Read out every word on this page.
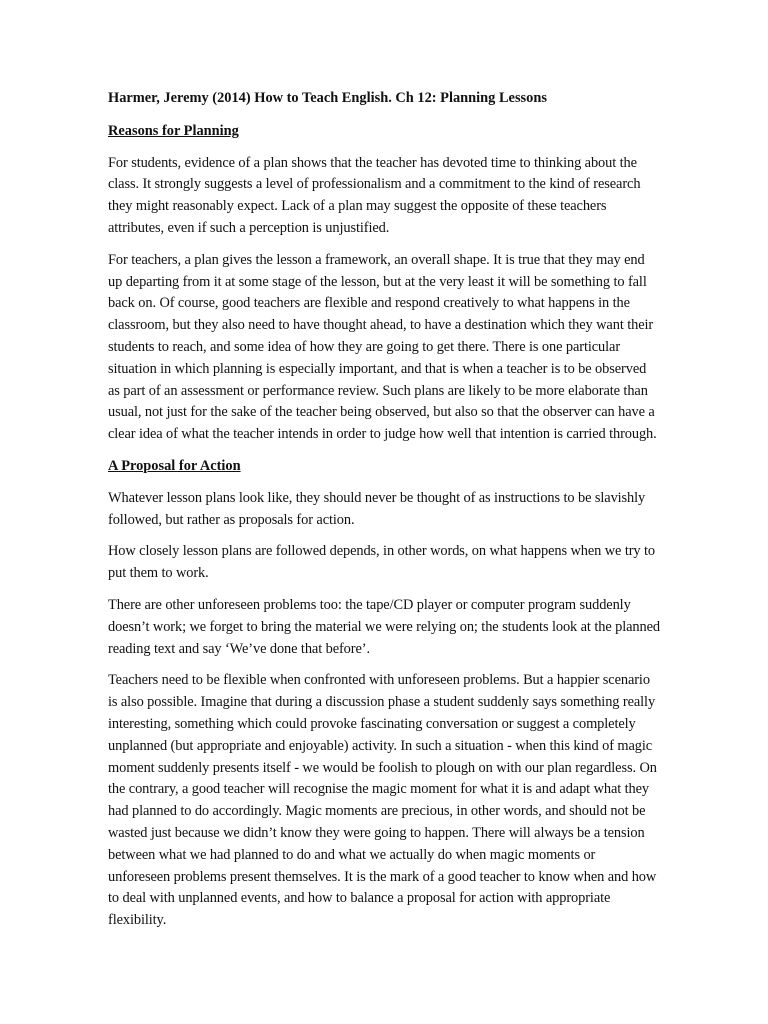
Harmer, Jeremy (2014) How to Teach English. Ch 12: Planning Lessons
Reasons for Planning

For students, evidence of a plan shows that the teacher has devoted time to thinking about the class. It strongly suggests a level of professionalism and a commitment to the kind of research they might reasonably expect. Lack of a plan may suggest the opposite of these teachers attributes, even if such a perception is unjustified.

For teachers, a plan gives the lesson a framework, an overall shape. It is true that they may end up departing from it at some stage of the lesson, but at the very least it will be something to fall back on. Of course, good teachers are flexible and respond creatively to what happens in the classroom, but they also need to have thought ahead, to have a destination which they want their students to reach, and some idea of how they are going to get there. There is one particular situation in which planning is especially important, and that is when a teacher is to be observed as part of an assessment or performance review. Such plans are likely to be more elaborate than usual, not just for the sake of the teacher being observed, but also so that the observer can have a clear idea of what the teacher intends in order to judge how well that intention is carried through.

A Proposal for Action

Whatever lesson plans look like, they should never be thought of as instructions to be slavishly followed, but rather as proposals for action.

How closely lesson plans are followed depends, in other words, on what happens when we try to put them to work.

There are other unforeseen problems too: the tape/CD player or computer program suddenly doesn’t work; we forget to bring the material we were relying on; the students look at the planned reading text and say ‘We’ve done that before’.

Teachers need to be flexible when confronted with unforeseen problems. But a happier scenario is also possible. Imagine that during a discussion phase a student suddenly says something really interesting, something which could provoke fascinating conversation or suggest a completely unplanned (but appropriate and enjoyable) activity. In such a situation - when this kind of magic moment suddenly presents itself - we would be foolish to plough on with our plan regardless. On the contrary, a good teacher will recognise the magic moment for what it is and adapt what they had planned to do accordingly. Magic moments are precious, in other words, and should not be wasted just because we didn’t know they were going to happen. There will always be a tension between what we had planned to do and what we actually do when magic moments or unforeseen problems present themselves. It is the mark of a good teacher to know when and how to deal with unplanned events, and how to balance a proposal for action with appropriate flexibility.
